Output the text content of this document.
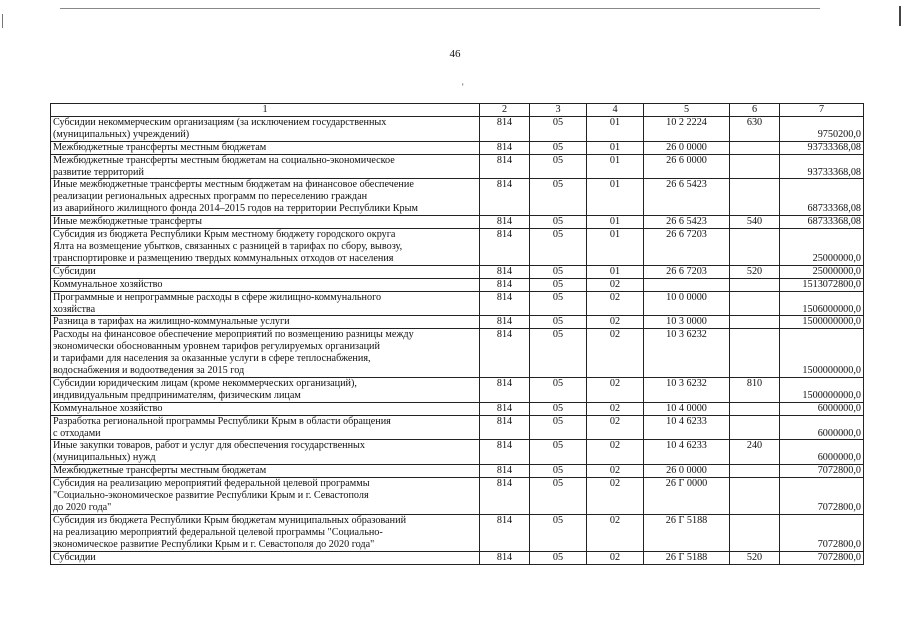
46
'
1	2	3	4	5	6	7
Субсидии некоммерческим организациям (за исключением государственных
(муниципальных) учреждений)	814	05	01	10 2 2224	630	9750200,0
Межбюджетные трансферты местным бюджетам	814	05	01	26 0 0000		93733368,08
Межбюджетные трансферты местным бюджетам на социально-экономическое
развитие территорий	814	05	01	26 6 0000		93733368,08
Иные межбюджетные трансферты местным бюджетам на финансовое обеспечение
реализации региональных адресных программ по переселению граждан
из аварийного жилищного фонда 2014–2015 годов на территории Республики Крым	814	05	01	26 6 5423		68733368,08
Иные межбюджетные трансферты	814	05	01	26 6 5423	540	68733368,08
Субсидия из бюджета Республики Крым местному бюджету городского округа
Ялта на возмещение убытков, связанных с разницей в тарифах по сбору, вывозу,
транспортировке и размещению твердых коммунальных отходов от населения	814	05	01	26 6 7203		25000000,0
Субсидии	814	05	01	26 6 7203	520	25000000,0
Коммунальное хозяйство	814	05	02			1513072800,0
Программные и непрограммные расходы в сфере жилищно-коммунального
хозяйства	814	05	02	10 0 0000		1506000000,0
Разница в тарифах на жилищно-коммунальные услуги	814	05	02	10 3 0000		1500000000,0
Расходы на финансовое обеспечение мероприятий по возмещению разницы между
экономически обоснованным уровнем тарифов регулируемых организаций
и тарифами для населения за оказанные услуги в сфере теплоснабжения,
водоснабжения и водоотведения за 2015 год	814	05	02	10 3 6232		1500000000,0
Субсидии юридическим лицам (кроме некоммерческих организаций),
индивидуальным предпринимателям, физическим лицам	814	05	02	10 3 6232	810	1500000000,0
Коммунальное хозяйство	814	05	02	10 4 0000		6000000,0
Разработка региональной программы Республики Крым в области обращения
с отходами	814	05	02	10 4 6233		6000000,0
Иные закупки товаров, работ и услуг для обеспечения государственных
(муниципальных) нужд	814	05	02	10 4 6233	240	6000000,0
Межбюджетные трансферты местным бюджетам	814	05	02	26 0 0000		7072800,0
Субсидия на реализацию мероприятий федеральной целевой программы
"Социально-экономическое развитие Республики Крым и г. Севастополя
до 2020 года"	814	05	02	26 Г 0000		7072800,0
Субсидия из бюджета Республики Крым бюджетам муниципальных образований
на реализацию мероприятий федеральной целевой программы "Социально-
экономическое развитие Республики Крым и г. Севастополя до 2020 года"	814	05	02	26 Г 5188		7072800,0
Субсидии	814	05	02	26 Г 5188	520	7072800,0
